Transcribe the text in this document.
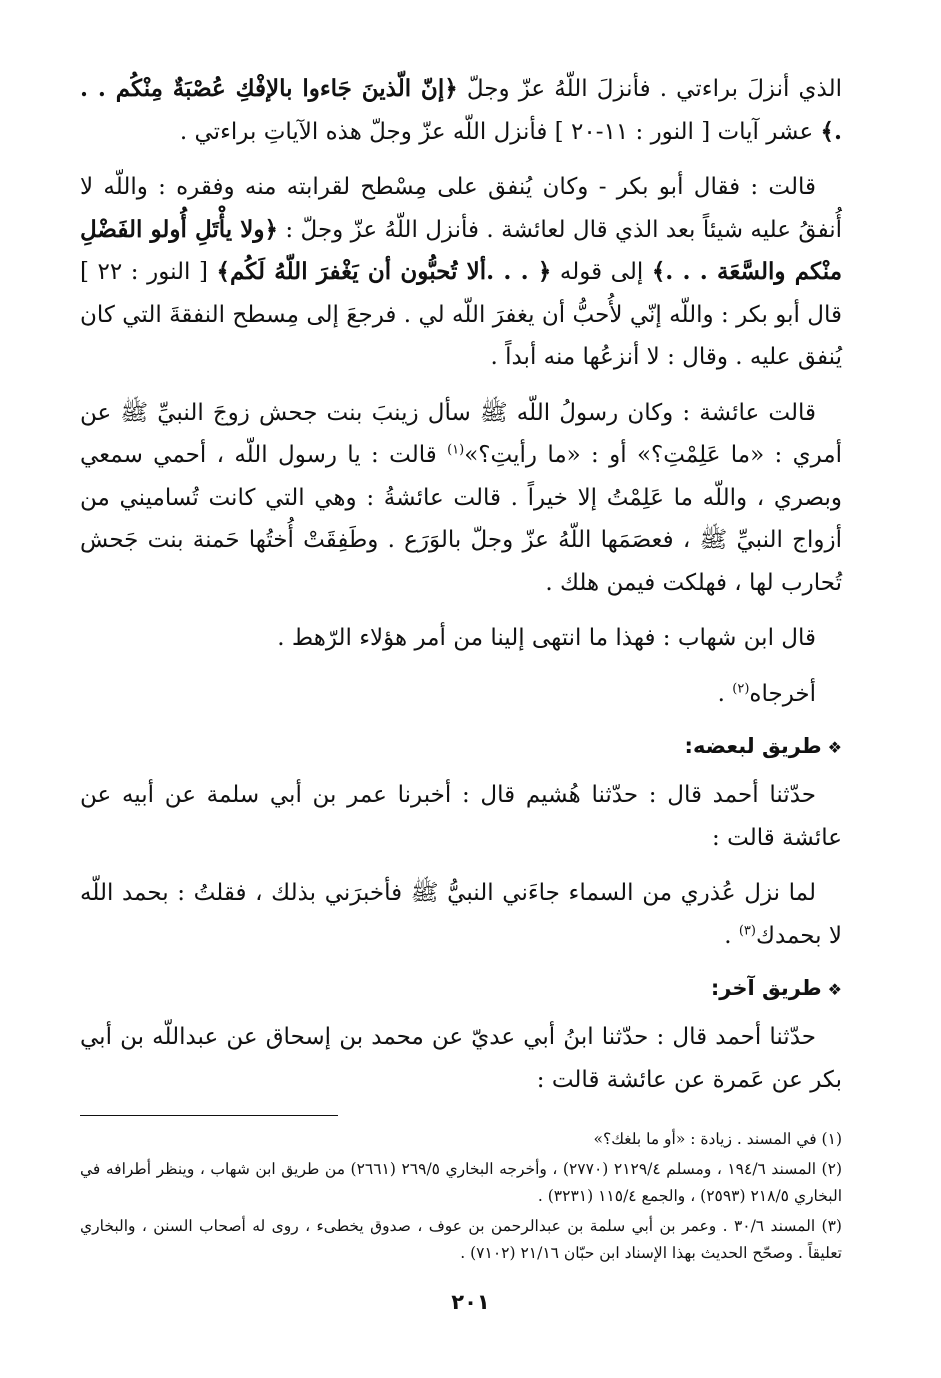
الذي أنزلَ براءتي . فأنزلَ اللّهُ عزّ وجلّ ﴿إنّ الّذينَ جَاءوا بالإفْكِ عُصْبَةٌ مِنْكُم . . .﴾ عشر آيات [ النور : ١١-٢٠ ] فأنزل اللّه عزّ وجلّ هذه الآياتِ براءتي .

قالت : فقال أبو بكر - وكان يُنفق على مِسْطح لقرابته منه وفقره : واللّه لا أُنفقُ عليه شيئاً بعد الذي قال لعائشة . فأنزل اللّهُ عزّ وجلّ : ﴿ولا يأْتَلِ أُولو الفَضْلِ منْكم والسَّعَة . . .﴾ إلى قوله ﴿ . . .ألا تُحبُّون أن يَغْفرَ اللّهُ لَكُم﴾ [ النور : ٢٢ ] قال أبو بكر : واللّه إنّي لأُحبُّ أن يغفرَ اللّه لي . فرجعَ إلى مِسطح النفقةَ التي كان يُنفق عليه . وقال : لا أنزعُها منه أبداً .

قالت عائشة : وكان رسولُ اللّه ﷺ سأل زينبَ بنت جحش زوجَ النبيِّ ﷺ عن أمري : «ما عَلِمْتِ؟» أو : «ما رأيتِ؟»$^{(١)}$ قالت : يا رسول اللّه ، أحمي سمعي وبصري ، واللّه ما عَلِمْتُ إلا خيراً . قالت عائشةُ : وهي التي كانت تُساميني من أزواج النبيِّ ﷺ ، فعصَمَها اللّهُ عزّ وجلّ بالوَرَع . وطَفِقَتْ أُختُها حَمنة بنت جَحش تُحارب لها ، فهلكت فيمن هلك .

قال ابن شهاب : فهذا ما انتهى إلينا من أمر هؤلاء الرّهط .

أخرجاه$^{(٢)}$ .

❖طريق لبعضه:

حدّثنا أحمد قال : حدّثنا هُشيم قال : أخبرنا عمر بن أبي سلمة عن أبيه عن عائشة قالت :

لما نزل عُذري من السماء جاءَني النبيُّ ﷺ فأخبرَني بذلك ، فقلتُ : بحمد اللّه لا بحمدك$^{(٣)}$ .

❖طريق آخر:

حدّثنا أحمد قال : حدّثنا ابنُ أبي عديّ عن محمد بن إسحاق عن عبداللّه بن أبي بكر عن عَمرة عن عائشة قالت :

(١) في المسند . زيادة : «أو ما بلغك؟»

(٢) المسند ١٩٤/٦ ، ومسلم ٢١٢٩/٤ (٢٧٧٠) ، وأخرجه البخاري ٢٦٩/٥ (٢٦٦١) من طريق ابن شهاب ، وينظر أطرافه في البخاري ٢١٨/٥ (٢٥٩٣) ، والجمع ١١٥/٤ (٣٢٣١) .

(٣) المسند ٣٠/٦ . وعمر بن أبي سلمة بن عبدالرحمن بن عوف ، صدوق يخطىء ، روى له أصحاب السنن ، والبخاري تعليقاً . وصحّح الحديث بهذا الإسناد ابن حبّان ٢١/١٦ (٧١٠٢) .

٢٠١
